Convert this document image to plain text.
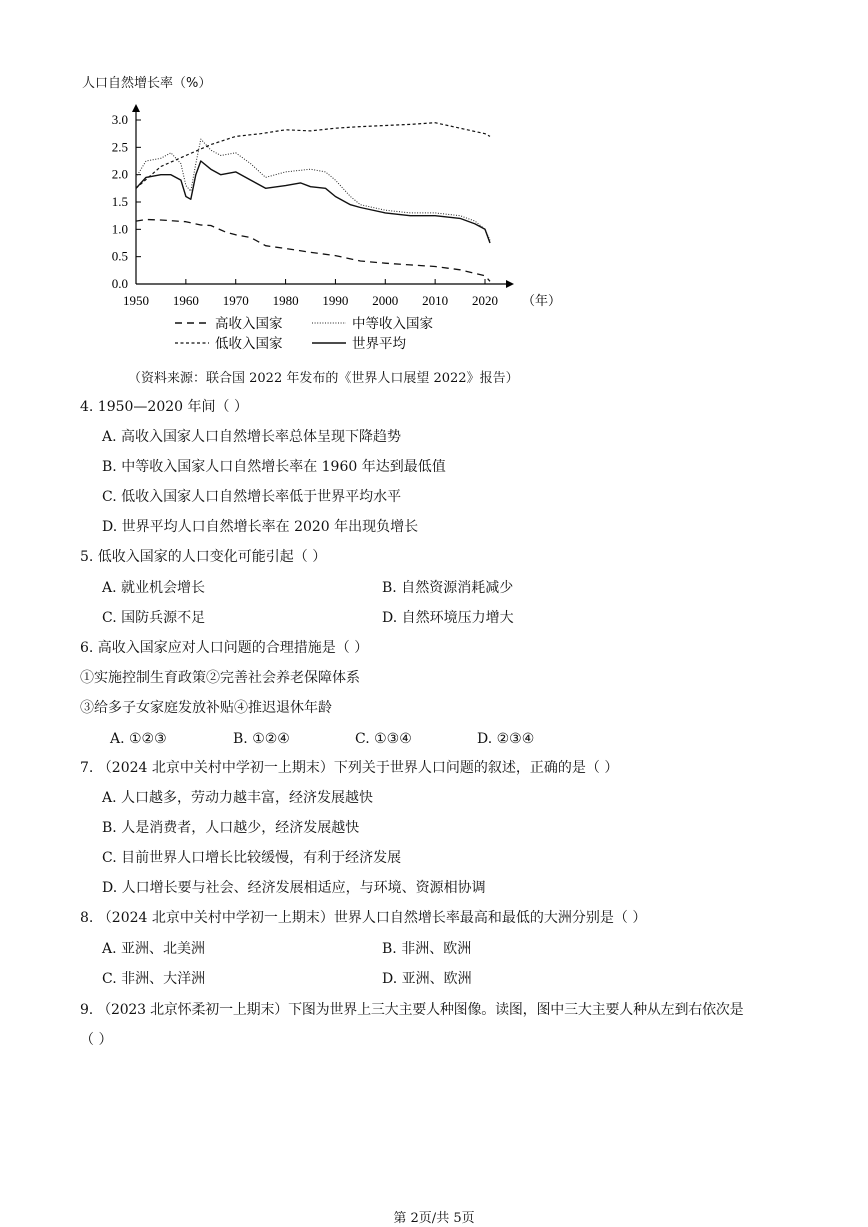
人口自然增长率（%）
0.0
0.5
1.0
1.5
2.0
2.5
3.0
1950 1960 1970 1980 1990 2000 2010 2020 （年）
高收入国家	中等收入国家
低收入国家	世界平均
（资料来源：联合国 2022 年发布的《世界人口展望 2022》报告）
4. 1950—2020 年间（ ）
A. 高收入国家人口自然增长率总体呈现下降趋势
B. 中等收入国家人口自然增长率在 1960 年达到最低值
C. 低收入国家人口自然增长率低于世界平均水平
D. 世界平均人口自然增长率在 2020 年出现负增长
5. 低收入国家的人口变化可能引起（ ）
A. 就业机会增长	B. 自然资源消耗减少
C. 国防兵源不足	D. 自然环境压力增大
6. 高收入国家应对人口问题的合理措施是（ ）
①实施控制生育政策②完善社会养老保障体系
③给多子女家庭发放补贴④推迟退休年龄
A. ①②③	B. ①②④	C. ①③④	D. ②③④
7. （2024 北京中关村中学初一上期末）下列关于世界人口问题的叙述，正确的是（ ）
A. 人口越多，劳动力越丰富，经济发展越快
B. 人是消费者，人口越少，经济发展越快
C. 目前世界人口增长比较缓慢，有利于经济发展
D. 人口增长要与社会、经济发展相适应，与环境、资源相协调
8. （2024 北京中关村中学初一上期末）世界人口自然增长率最高和最低的大洲分别是（ ）
A. 亚洲、北美洲	B. 非洲、欧洲
C. 非洲、大洋洲	D. 亚洲、欧洲
9. （2023 北京怀柔初一上期末）下图为世界上三大主要人种图像。读图，图中三大主要人种从左到右依次是
（ ）
第 2页/共 5页
